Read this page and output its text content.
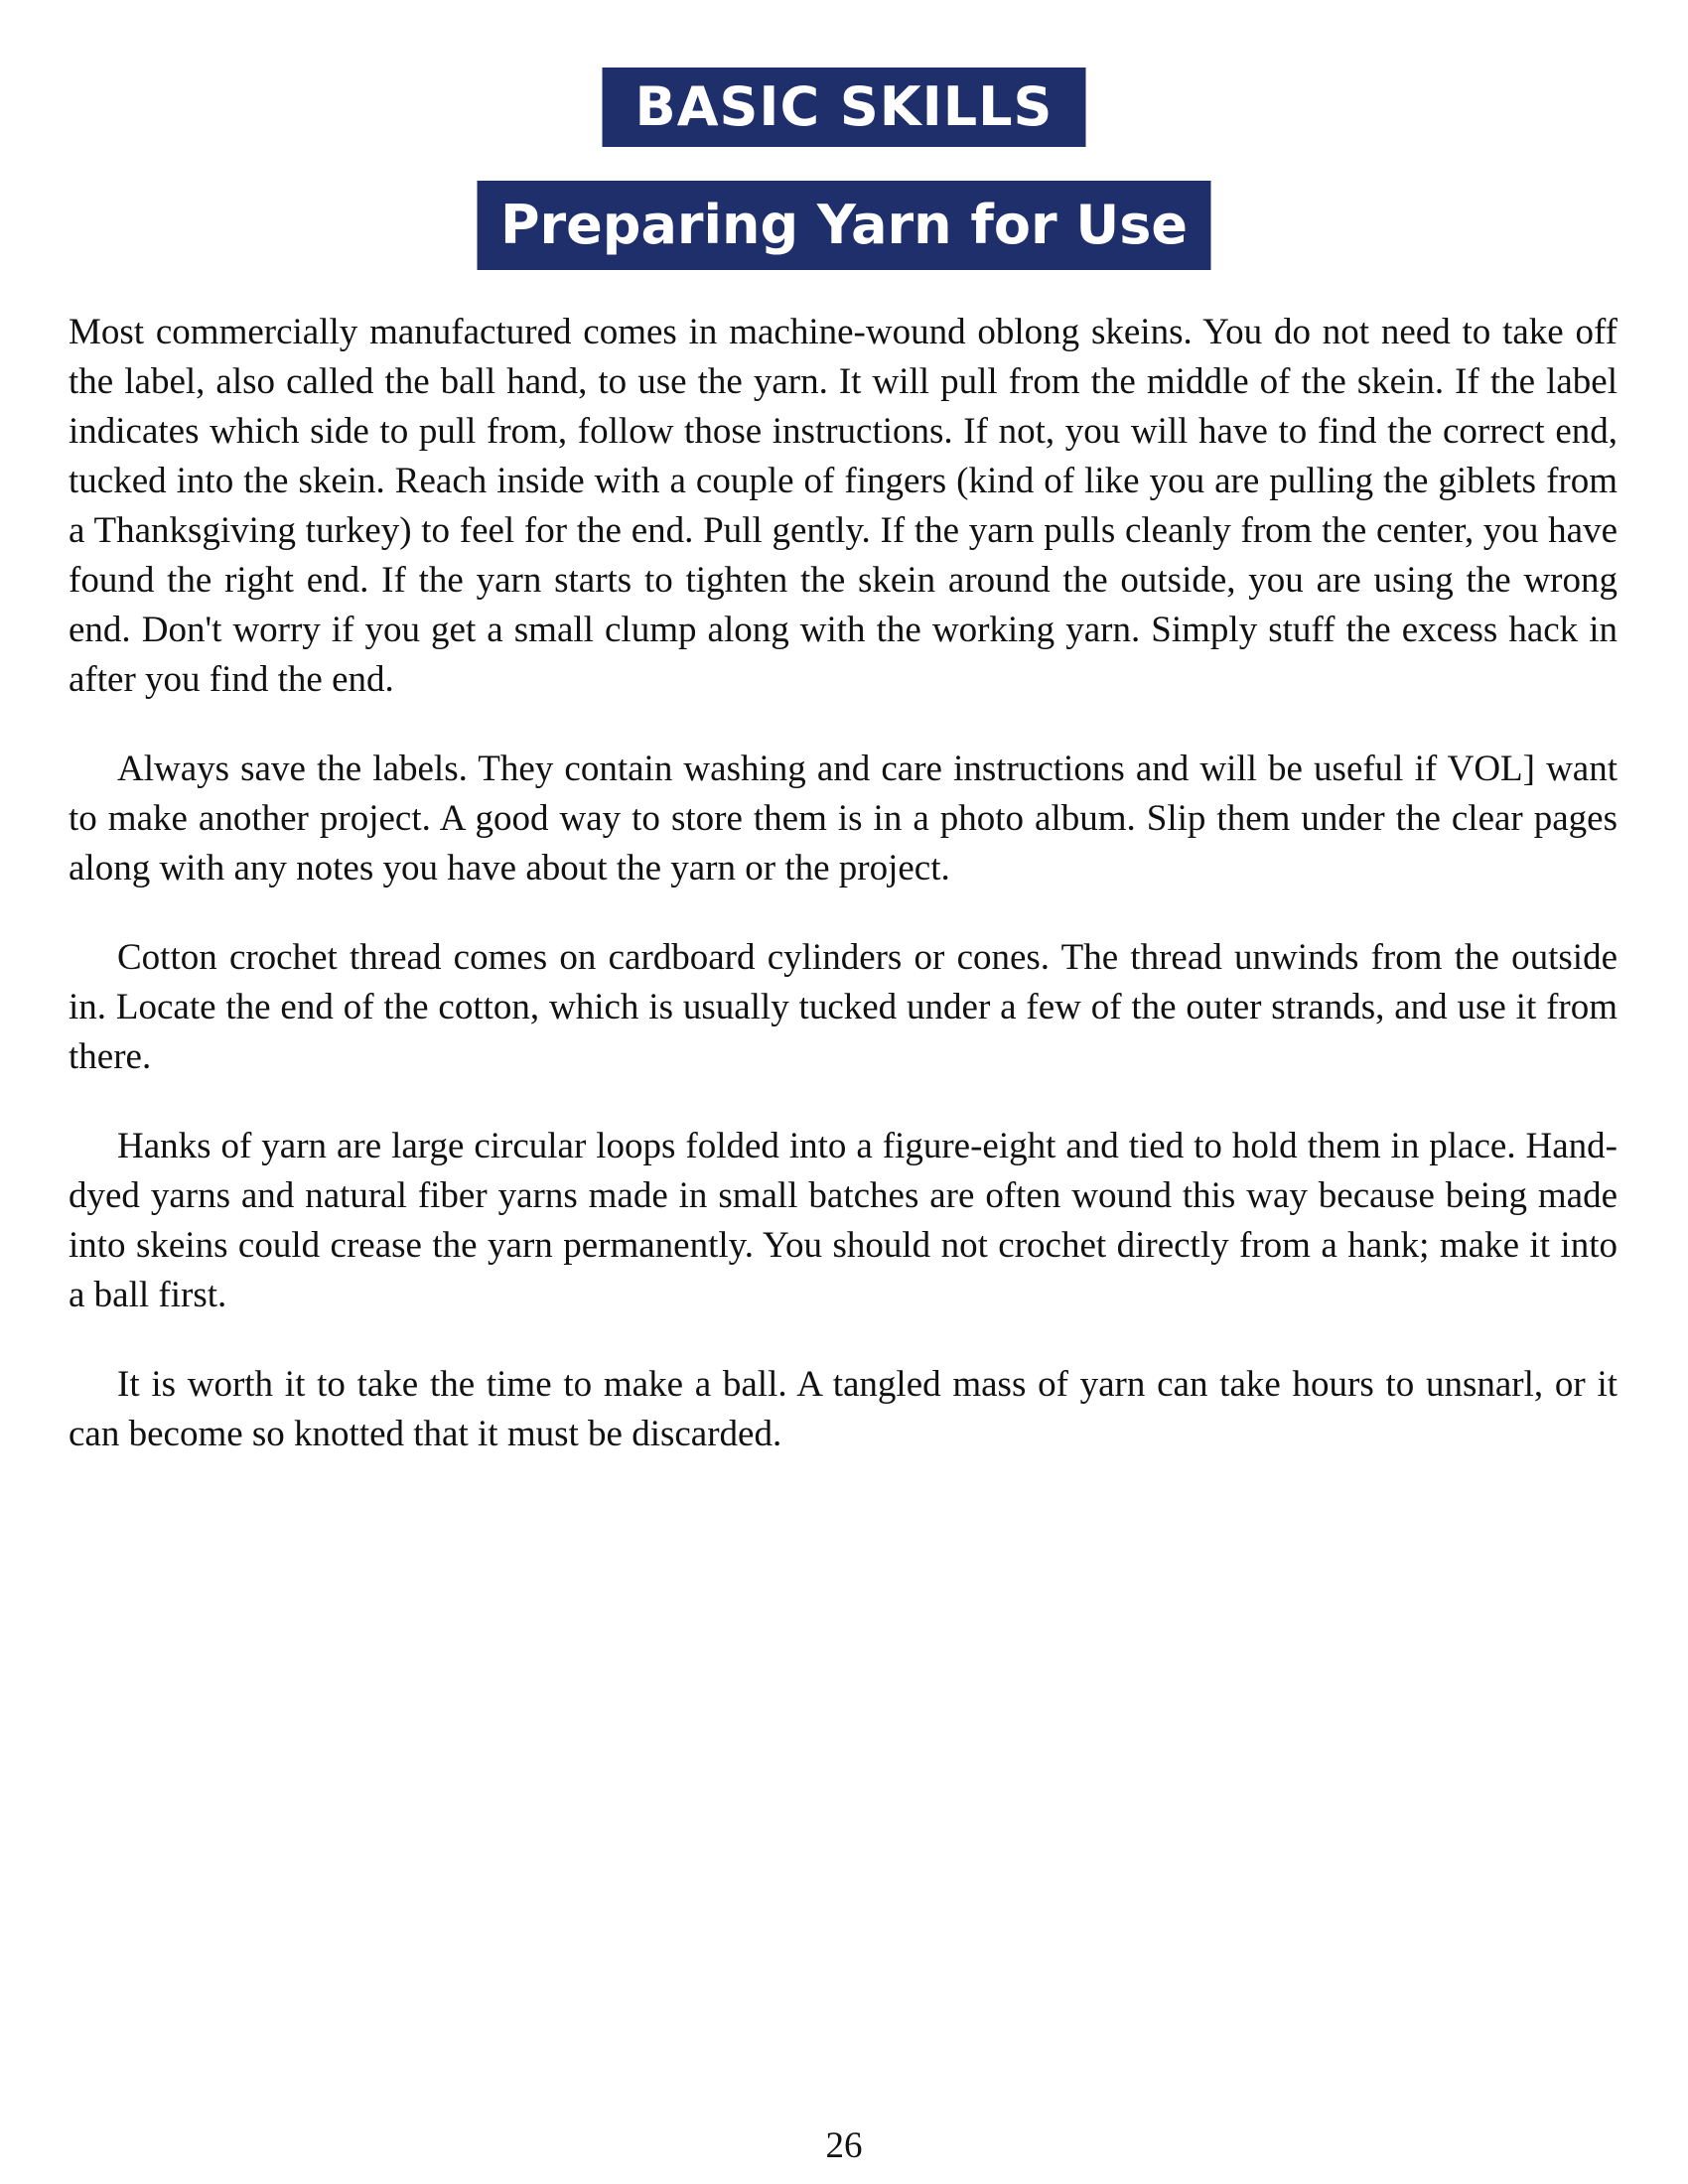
BASIC SKILLS
Preparing Yarn for Use

Most commercially manufactured comes in machine-wound oblong skeins. You do not need to take off the label, also called the ball hand, to use the yarn. It will pull from the middle of the skein. If the label indicates which side to pull from, follow those instructions. If not, you will have to find the correct end, tucked into the skein. Reach inside with a couple of fingers (kind of like you are pulling the giblets from a Thanksgiving turkey) to feel for the end. Pull gently. If the yarn pulls cleanly from the center, you have found the right end. If the yarn starts to tighten the skein around the outside, you are using the wrong end. Don't worry if you get a small clump along with the working yarn. Simply stuff the excess hack in after you find the end.

Always save the labels. They contain washing and care instructions and will be useful if VOL] want to make another project. A good way to store them is in a photo album. Slip them under the clear pages along with any notes you have about the yarn or the project.

Cotton crochet thread comes on cardboard cylinders or cones. The thread unwinds from the outside in. Locate the end of the cotton, which is usually tucked under a few of the outer strands, and use it from there.

Hanks of yarn are large circular loops folded into a figure-eight and tied to hold them in place. Hand-dyed yarns and natural fiber yarns made in small batches are often wound this way because being made into skeins could crease the yarn permanently. You should not crochet directly from a hank; make it into a ball first.

It is worth it to take the time to make a ball. A tangled mass of yarn can take hours to unsnarl, or it can become so knotted that it must be discarded.

26
